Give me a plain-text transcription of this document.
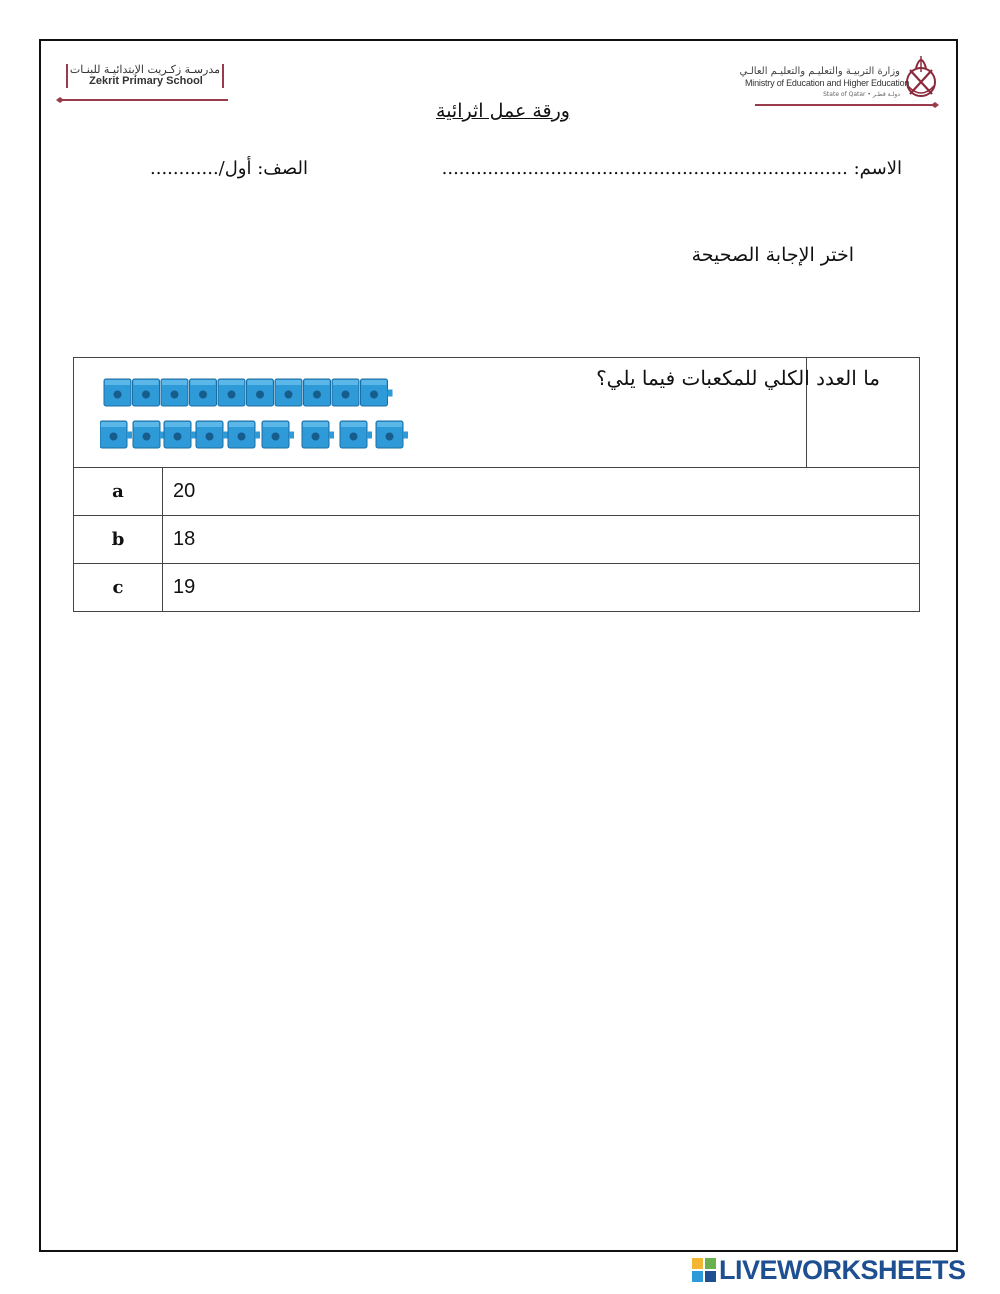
مدرسـة زكـريت الإبتدائيـة للبنـات
Zekrit Primary School
وزارة التربيـة والتعليـم والتعليـم العالـي
Ministry of Education and Higher Education
State of Qatar • دولـة قطـر
ورقة عمل اثرائية
الاسم: .......................................................................
الصف: أول/............
اختر الإجابة الصحيحة

a	20	
b	18	
c	19	
ما العدد الكلي للمكعبات فيما يلي؟
LIVEWORKSHEETS
